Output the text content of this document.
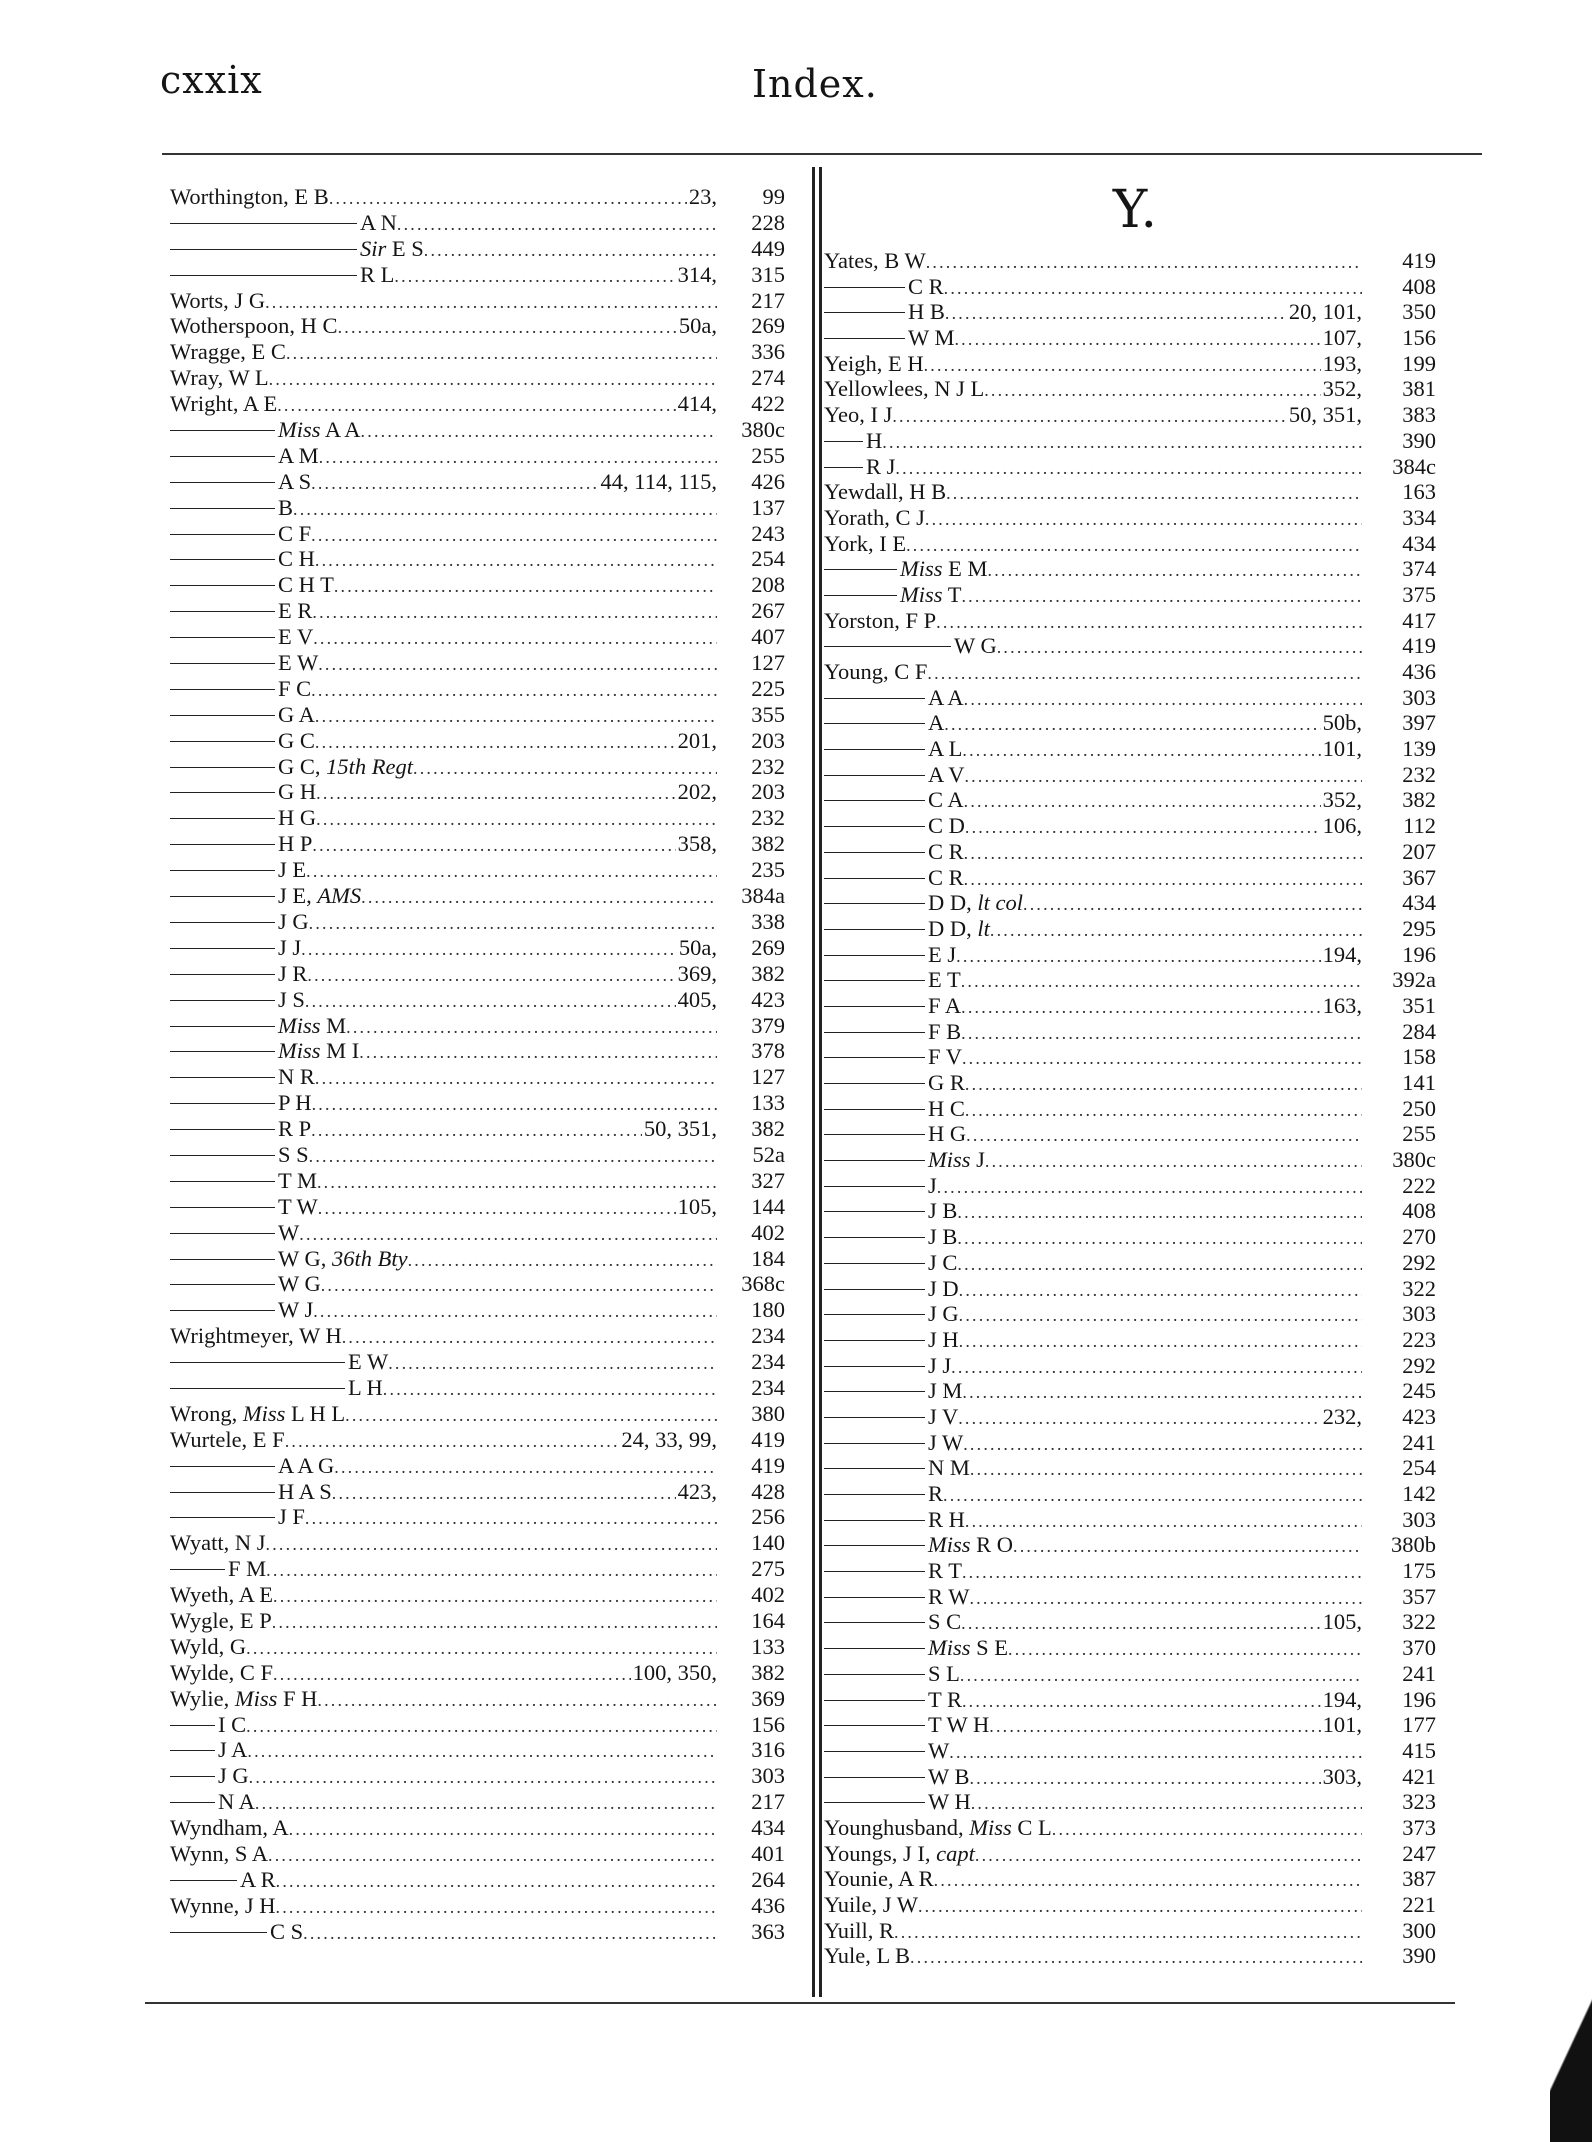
cxxix	Index.
Worthington, E B .....	23,	99
A N .....	228
Sir E S .....	449
R L .....	314,	315
Worts, J G .....	217
Wotherspoon, H C .....	50a,	269
Wragge, E C .....	336
Wray, W L .....	274
Wright, A E .....	414,	422
Miss A A .....	380c
A M .....	255
A S .....	44, 114, 115,	426
B .....	137
C F .....	243
C H .....	254
C H T .....	208
E R .....	267
E V .....	407
E W .....	127
F C .....	225
G A .....	355
G C .....	201,	203
G C, 15th Regt .....	232
G H .....	202,	203
H G .....	232
H P .....	358,	382
J E .....	235
J E, AMS .....	384a
J G .....	338
J J .....	50a,	269
J R .....	369,	382
J S .....	405,	423
Miss M .....	379
Miss M I .....	378
N R .....	127
P H .....	133
R P .....	50, 351,	382
S S .....	52a
T M .....	327
T W .....	105,	144
W .....	402
W G, 36th Bty .....	184
W G .....	368c
W J .....	180
Wrightmeyer, W H .....	234
E W .....	234
L H .....	234
Wrong, Miss L H L .....	380
Wurtele, E F .....	24, 33, 99,	419
A A G .....	419
H A S .....	423,	428
J F .....	256
Wyatt, N J .....	140
F M .....	275
Wyeth, A E .....	402
Wygle, E P .....	164
Wyld, G .....	133
Wylde, C F .....	100, 350,	382
Wylie, Miss F H .....	369
I C .....	156
J A .....	316
J G .....	303
N A .....	217
Wyndham, A .....	434
Wynn, S A .....	401
A R .....	264
Wynne, J H .....	436
C S .....	363
Y.
Yates, B W .....	419
C R .....	408
H B .....	20, 101,	350
W M .....	107,	156
Yeigh, E H .....	193,	199
Yellowlees, N J L .....	352,	381
Yeo, I J .....	50, 351,	383
H .....	390
R J .....	384c
Yewdall, H B .....	163
Yorath, C J .....	334
York, I E .....	434
Miss E M .....	374
Miss T .....	375
Yorston, F P .....	417
W G .....	419
Young, C F .....	436
A A .....	303
A .....	50b,	397
A L .....	101,	139
A V .....	232
C A .....	352,	382
C D .....	106,	112
C R .....	207
C R .....	367
D D, lt col .....	434
D D, lt .....	295
E J .....	194,	196
E T .....	392a
F A .....	163,	351
F B .....	284
F V .....	158
G R .....	141
H C .....	250
H G .....	255
Miss J .....	380c
J .....	222
J B .....	408
J B .....	270
J C .....	292
J D .....	322
J G .....	303
J H .....	223
J J .....	292
J M .....	245
J V .....	232,	423
J W .....	241
N M .....	254
R .....	142
R H .....	303
Miss R O .....	380b
R T .....	175
R W .....	357
S C .....	105,	322
Miss S E .....	370
S L .....	241
T R .....	194,	196
T W H .....	101,	177
W .....	415
W B .....	303,	421
W H .....	323
Younghusband, Miss C L .....	373
Youngs, J I, capt .....	247
Younie, A R .....	387
Yuile, J W .....	221
Yuill, R .....	300
Yule, L B .....	390
